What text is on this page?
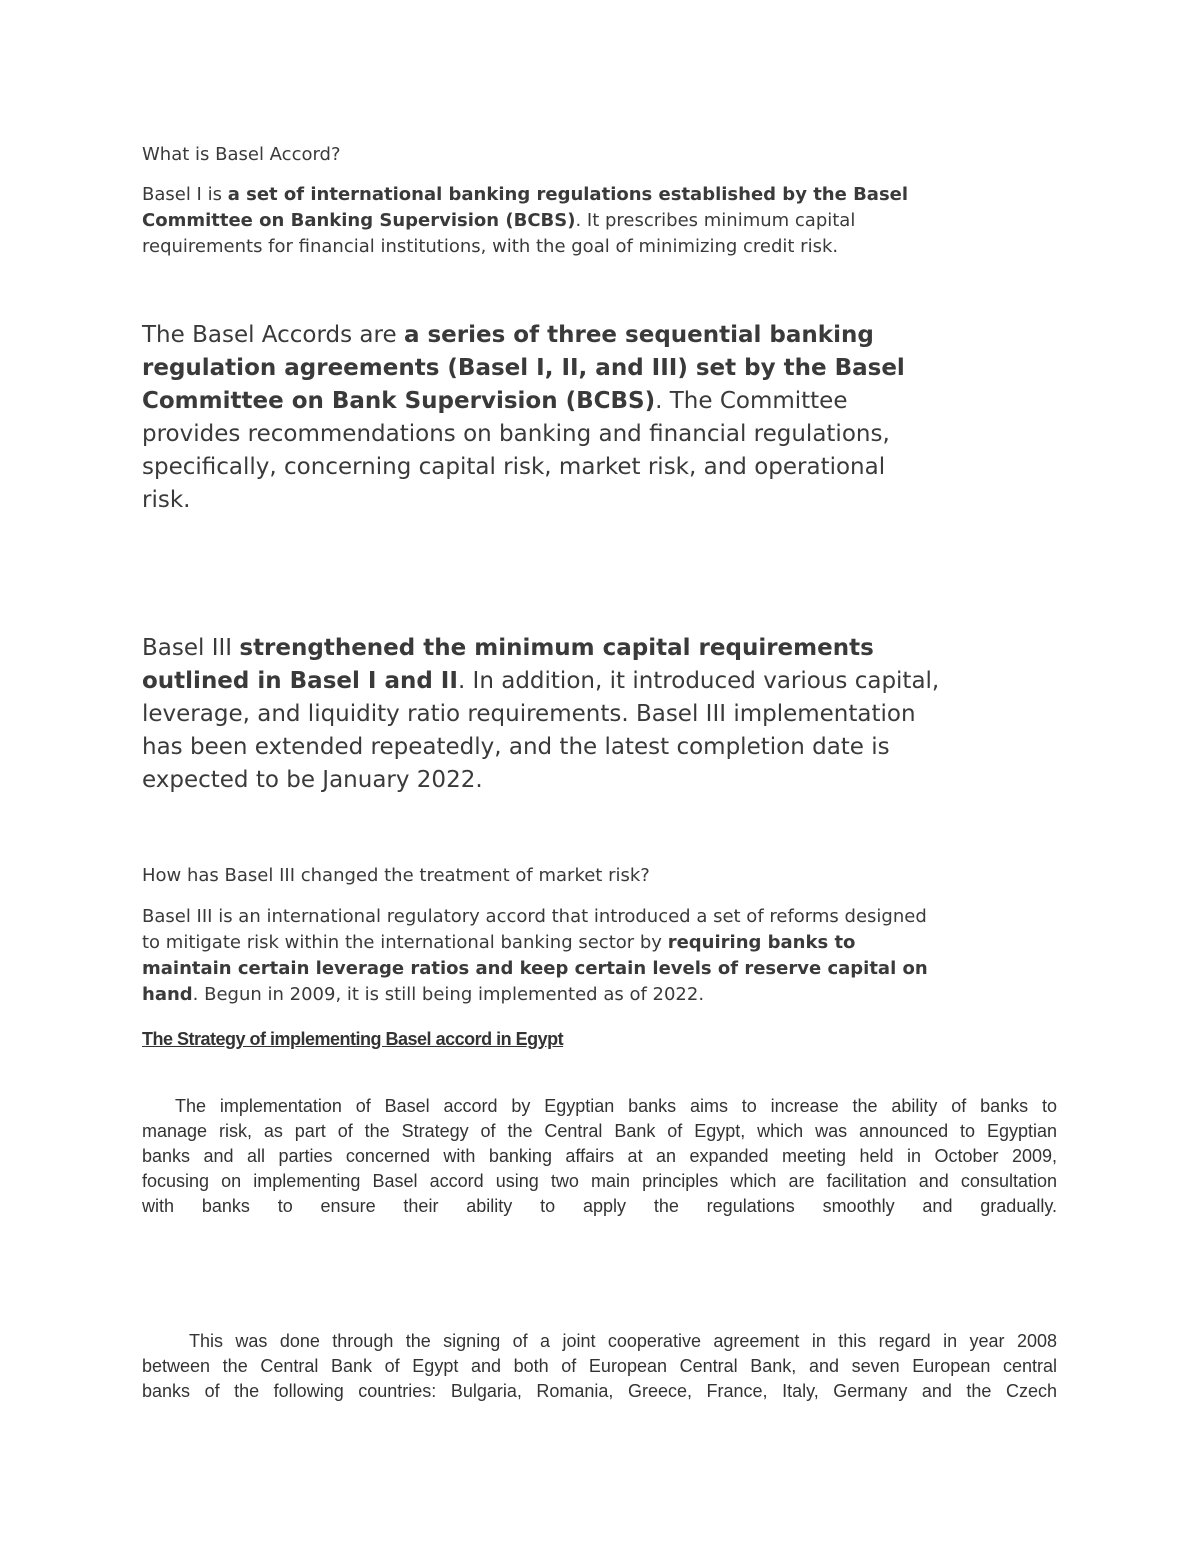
What is Basel Accord?

Basel I is a set of international banking regulations established by the Basel
Committee on Banking Supervision (BCBS). It prescribes minimum capital
requirements for financial institutions, with the goal of minimizing credit risk.
The Basel Accords are a series of three sequential banking
regulation agreements (Basel I, II, and III) set by the Basel
Committee on Bank Supervision (BCBS). The Committee
provides recommendations on banking and financial regulations,
specifically, concerning capital risk, market risk, and operational
risk.
Basel III strengthened the minimum capital requirements
outlined in Basel I and II. In addition, it introduced various capital,
leverage, and liquidity ratio requirements. Basel III implementation
has been extended repeatedly, and the latest completion date is
expected to be January 2022.

How has Basel III changed the treatment of market risk?

Basel III is an international regulatory accord that introduced a set of reforms designed
to mitigate risk within the international banking sector by requiring banks to
maintain certain leverage ratios and keep certain levels of reserve capital on
hand. Begun in 2009, it is still being implemented as of 2022.

The Strategy of implementing Basel accord in Egypt

The implementation of Basel accord by Egyptian banks aims to increase the ability of banks to
manage risk, as part of the Strategy of the Central Bank of Egypt, which was announced to Egyptian
banks and all parties concerned with banking affairs at an expanded meeting held in October 2009,
focusing on implementing Basel accord using two main principles which are facilitation and consultation
with banks to ensure their ability to apply the regulations smoothly and gradually.
This was done through the signing of a joint cooperative agreement in this regard in year 2008
between the Central Bank of Egypt and both of European Central Bank, and seven European central
banks of the following countries: Bulgaria, Romania, Greece, France, Italy, Germany and the Czech
